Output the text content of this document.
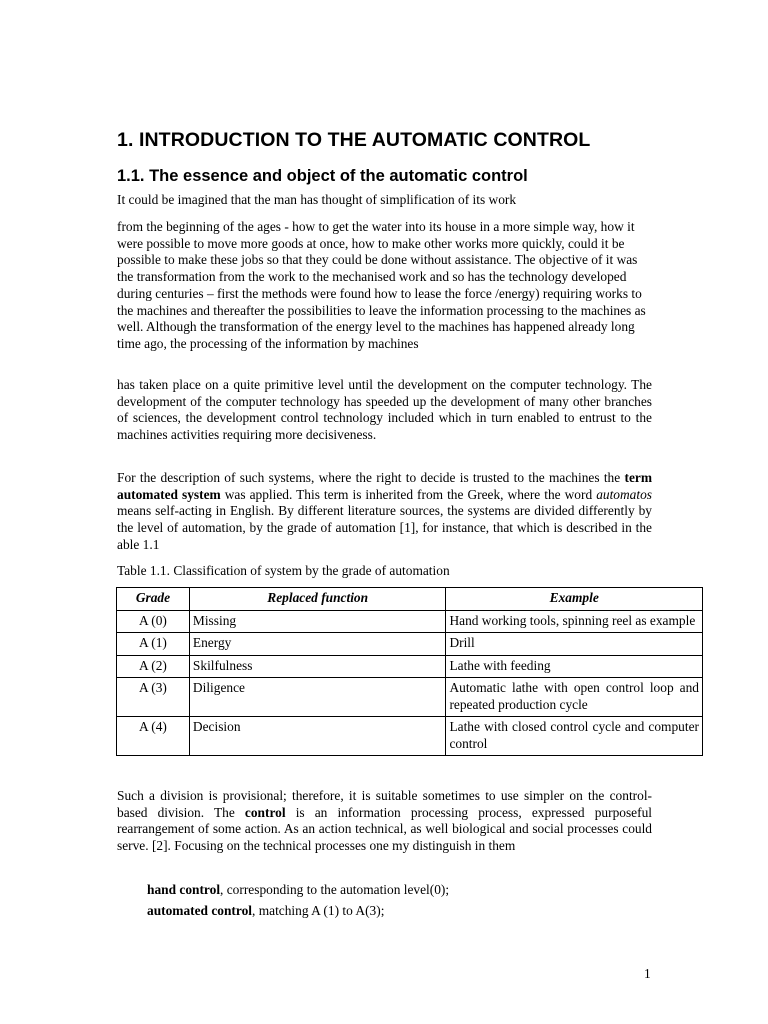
1. INTRODUCTION TO THE AUTOMATIC CONTROL
1.1. The essence and object of the automatic control

It could be imagined that the man has thought of simplification of its work

from the beginning of the ages - how to get the water into its house in a more simple way, how it were possible to move more goods at once, how to make other works more quickly, could it be possible to make these jobs so that they could be done without assistance. The objective of it was the transformation from the work to the mechanised work and so has the technology developed during centuries – first the methods were found how to lease the force /energy) requiring works to the machines and thereafter the possibilities to leave the information processing to the machines as well. Although the transformation of the energy level to the machines has happened already long time ago, the processing of the information by machines

has taken place on a quite primitive level until the development on the computer technology. The development of the computer technology has speeded up the development of many other branches of sciences, the development control technology included which in turn enabled to entrust to the machines activities requiring more decisiveness.

For the description of such systems, where the right to decide is trusted to the machines the term automated system was applied. This term is inherited from the Greek, where the word automatos means self-acting in English. By different literature sources, the systems are divided differently by the level of automation, by the grade of automation [1], for instance, that which is described in the able 1.1

Table 1.1. Classification of system by the grade of automation
Grade	Replaced function	Example
A (0)	Missing	Hand working tools, spinning reel as example
A (1)	Energy	Drill
A (2)	Skilfulness	Lathe with feeding
A (3)	Diligence	Automatic lathe with open control loop and repeated production cycle
A (4)	Decision	Lathe with closed control cycle and computer control

Such a division is provisional; therefore, it is suitable sometimes to use simpler on the control-based division. The control is an information processing process, expressed purposeful rearrangement of some action. As an action technical, as well biological and social processes could serve. [2]. Focusing on the technical processes one my distinguish in them

hand control, corresponding to the automation level(0);
automated control, matching A (1) to A(3);
1
